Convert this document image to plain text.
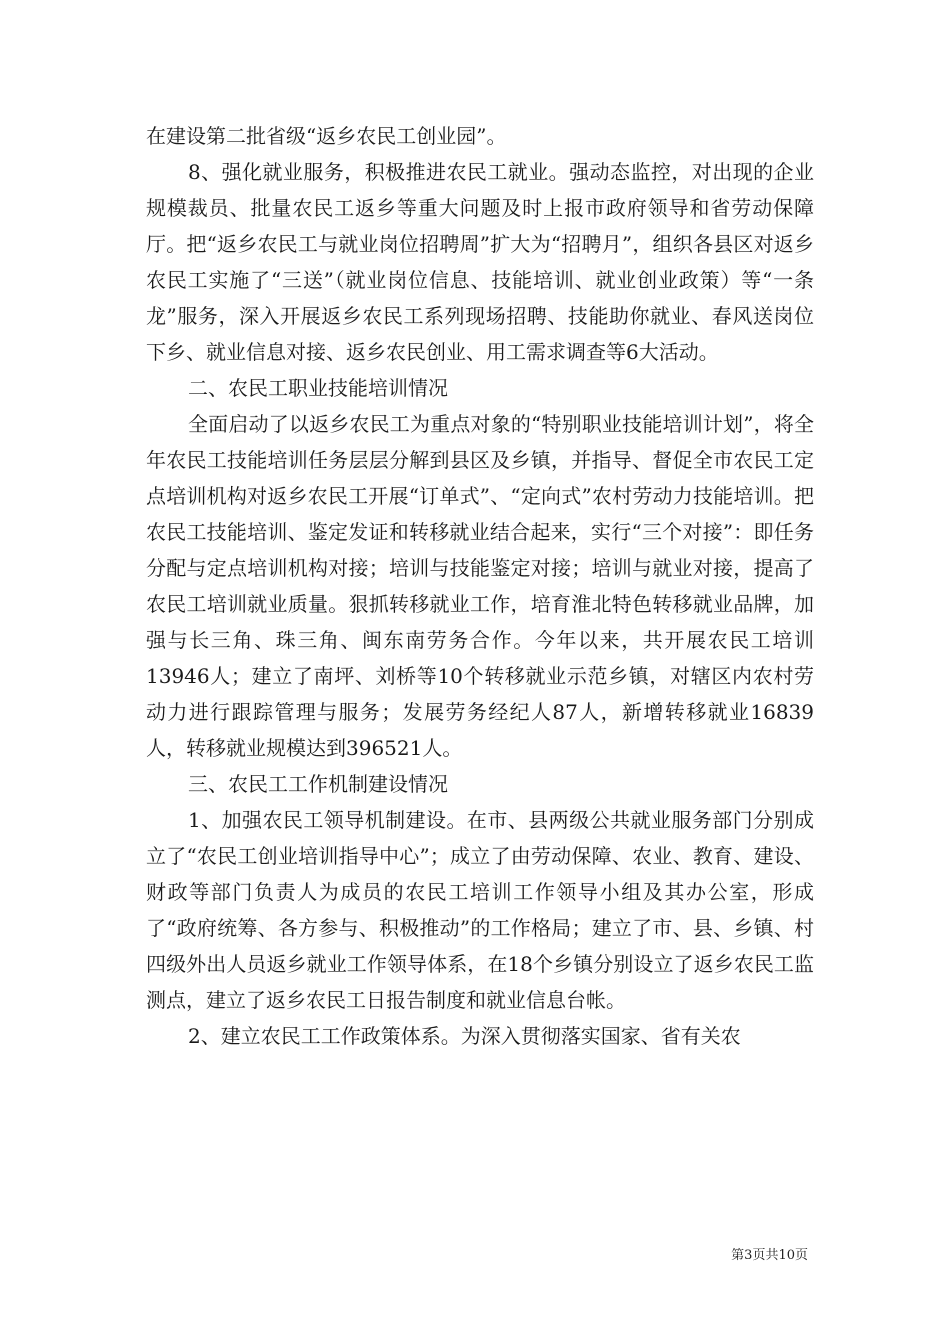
在建设第二批省级“返乡农民工创业园”。

8、强化就业服务，积极推进农民工就业。强动态监控，对出现的企业规模裁员、批量农民工返乡等重大问题及时上报市政府领导和省劳动保障厅。把“返乡农民工与就业岗位招聘周”扩大为“招聘月”，组织各县区对返乡农民工实施了“三送”（就业岗位信息、技能培训、就业创业政策）等“一条龙”服务，深入开展返乡农民工系列现场招聘、技能助你就业、春风送岗位下乡、就业信息对接、返乡农民创业、用工需求调查等6大活动。

二、农民工职业技能培训情况

全面启动了以返乡农民工为重点对象的“特别职业技能培训计划”，将全年农民工技能培训任务层层分解到县区及乡镇，并指导、督促全市农民工定点培训机构对返乡农民工开展“订单式”、“定向式”农村劳动力技能培训。把农民工技能培训、鉴定发证和转移就业结合起来，实行“三个对接”：即任务分配与定点培训机构对接；培训与技能鉴定对接；培训与就业对接，提高了农民工培训就业质量。狠抓转移就业工作，培育淮北特色转移就业品牌，加强与长三角、珠三角、闽东南劳务合作。今年以来，共开展农民工培训13946人；建立了南坪、刘桥等10个转移就业示范乡镇，对辖区内农村劳动力进行跟踪管理与服务；发展劳务经纪人87人，新增转移就业16839人，转移就业规模达到396521人。

三、农民工工作机制建设情况

1、加强农民工领导机制建设。在市、县两级公共就业服务部门分别成立了“农民工创业培训指导中心”；成立了由劳动保障、农业、教育、建设、财政等部门负责人为成员的农民工培训工作领导小组及其办公室，形成了“政府统筹、各方参与、积极推动”的工作格局；建立了市、县、乡镇、村四级外出人员返乡就业工作领导体系，在18个乡镇分别设立了返乡农民工监测点，建立了返乡农民工日报告制度和就业信息台帐。

2、建立农民工工作政策体系。为深入贯彻落实国家、省有关农

第3页共10页
